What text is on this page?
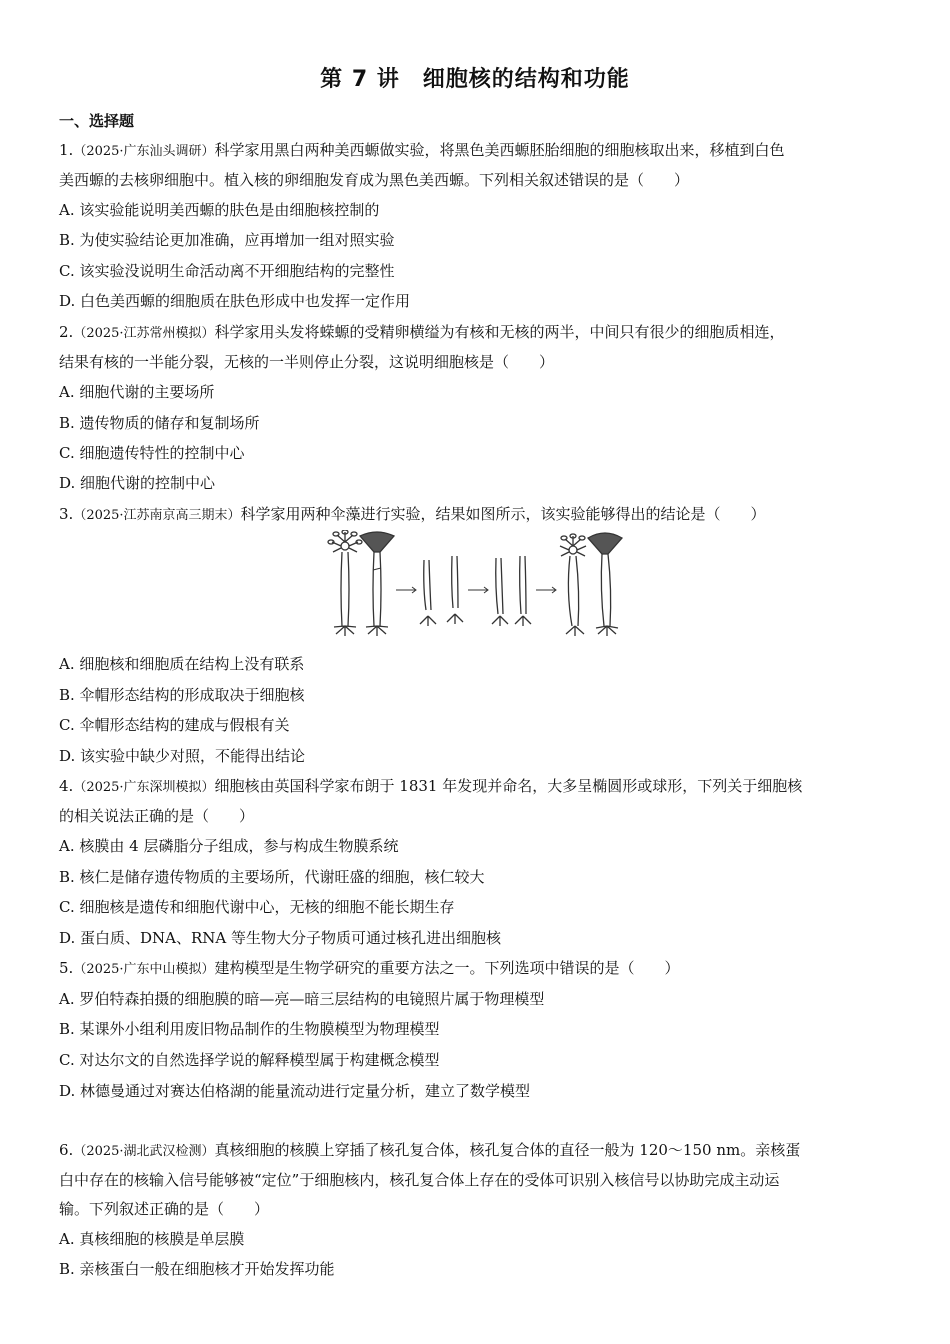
第 7 讲　细胞核的结构和功能
一、选择题
1.（2025·广东汕头调研）科学家用黑白两种美西螈做实验，将黑色美西螈胚胎细胞的细胞核取出来，移植到白色
美西螈的去核卵细胞中。植入核的卵细胞发育成为黑色美西螈。下列相关叙述错误的是（　　）
A. 该实验能说明美西螈的肤色是由细胞核控制的
B. 为使实验结论更加准确，应再增加一组对照实验
C. 该实验没说明生命活动离不开细胞结构的完整性
D. 白色美西螈的细胞质在肤色形成中也发挥一定作用
2.（2025·江苏常州模拟）科学家用头发将蝾螈的受精卵横缢为有核和无核的两半，中间只有很少的细胞质相连，
结果有核的一半能分裂，无核的一半则停止分裂，这说明细胞核是（　　）
A. 细胞代谢的主要场所
B. 遗传物质的储存和复制场所
C. 细胞遗传特性的控制中心
D. 细胞代谢的控制中心
3.（2025·江苏南京高三期末）科学家用两种伞藻进行实验，结果如图所示，该实验能够得出的结论是（　　）
A. 细胞核和细胞质在结构上没有联系
B. 伞帽形态结构的形成取决于细胞核
C. 伞帽形态结构的建成与假根有关
D. 该实验中缺少对照，不能得出结论
4.（2025·广东深圳模拟）细胞核由英国科学家布朗于 1831 年发现并命名，大多呈椭圆形或球形，下列关于细胞核
的相关说法正确的是（　　）
A. 核膜由 4 层磷脂分子组成，参与构成生物膜系统
B. 核仁是储存遗传物质的主要场所，代谢旺盛的细胞，核仁较大
C. 细胞核是遗传和细胞代谢中心，无核的细胞不能长期生存
D. 蛋白质、DNA、RNA 等生物大分子物质可通过核孔进出细胞核
5.（2025·广东中山模拟）建构模型是生物学研究的重要方法之一。下列选项中错误的是（　　）
A. 罗伯特森拍摄的细胞膜的暗—亮—暗三层结构的电镜照片属于物理模型
B. 某课外小组利用废旧物品制作的生物膜模型为物理模型
C. 对达尔文的自然选择学说的解释模型属于构建概念模型
D. 林德曼通过对赛达伯格湖的能量流动进行定量分析，建立了数学模型
6.（2025·湖北武汉检测）真核细胞的核膜上穿插了核孔复合体，核孔复合体的直径一般为 120～150 nm。亲核蛋
白中存在的核输入信号能够被“定位”于细胞核内，核孔复合体上存在的受体可识别入核信号以协助完成主动运
输。下列叙述正确的是（　　）
A. 真核细胞的核膜是单层膜
B. 亲核蛋白一般在细胞核才开始发挥功能
